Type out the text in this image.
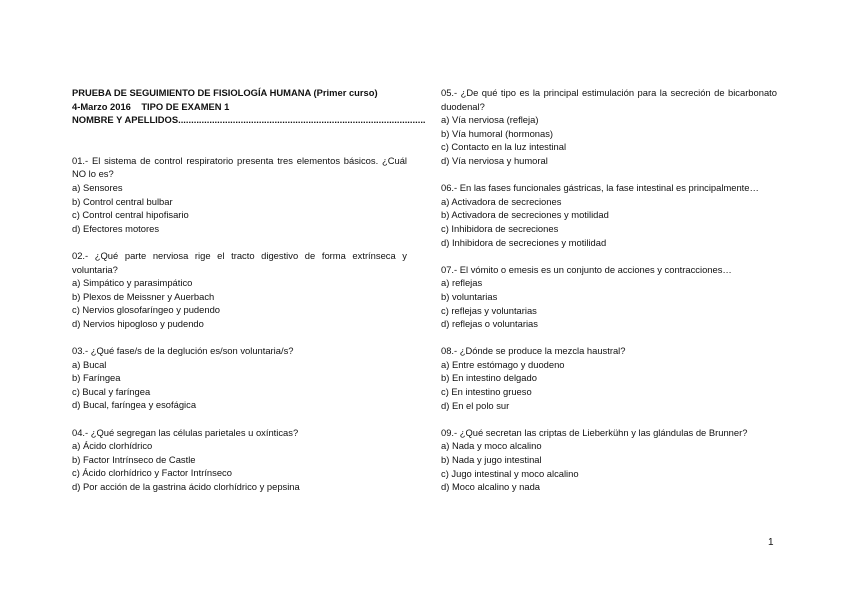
PRUEBA DE SEGUIMIENTO DE FISIOLOGÍA HUMANA (Primer curso)
4-Marzo 2016 TIPO DE EXAMEN 1
NOMBRE Y APELLIDOS...............................................................................................
01.- El sistema de control respiratorio presenta tres elementos básicos. ¿Cuál NO lo es?
a) Sensores
b) Control central bulbar
c) Control central hipofisario
d) Efectores motores
02.- ¿Qué parte nerviosa rige el tracto digestivo de forma extrínseca y voluntaria?
a) Simpático y parasimpático
b) Plexos de Meissner y Auerbach
c) Nervios glosofaríngeo y pudendo
d) Nervios hipogloso y pudendo
03.- ¿Qué fase/s de la deglución es/son voluntaria/s?
a) Bucal
b) Faríngea
c) Bucal y faríngea
d) Bucal, faríngea y esofágica
04.- ¿Qué segregan las células parietales u oxínticas?
a) Ácido clorhídrico
b) Factor Intrínseco de Castle
c) Ácido clorhídrico y Factor Intrínseco
d) Por acción de la gastrina ácido clorhídrico y pepsina
05.- ¿De qué tipo es la principal estimulación para la secreción de bicarbonato duodenal?
a) Vía nerviosa (refleja)
b) Vía humoral (hormonas)
c) Contacto en la luz intestinal
d) Vía nerviosa y humoral
06.- En las fases funcionales gástricas, la fase intestinal es principalmente…
a) Activadora de secreciones
b) Activadora de secreciones y motilidad
c) Inhibidora de secreciones
d) Inhibidora de secreciones y motilidad
07.- El vómito o emesis es un conjunto de acciones y contracciones…
a) reflejas
b) voluntarias
c) reflejas y voluntarias
d) reflejas o voluntarias
08.- ¿Dónde se produce la mezcla haustral?
a) Entre estómago y duodeno
b) En intestino delgado
c) En intestino grueso
d) En el polo sur
09.- ¿Qué secretan las criptas de Lieberkühn y las glándulas de Brunner?
a) Nada y moco alcalino
b) Nada y jugo intestinal
c) Jugo intestinal y moco alcalino
d) Moco alcalino y nada
1
